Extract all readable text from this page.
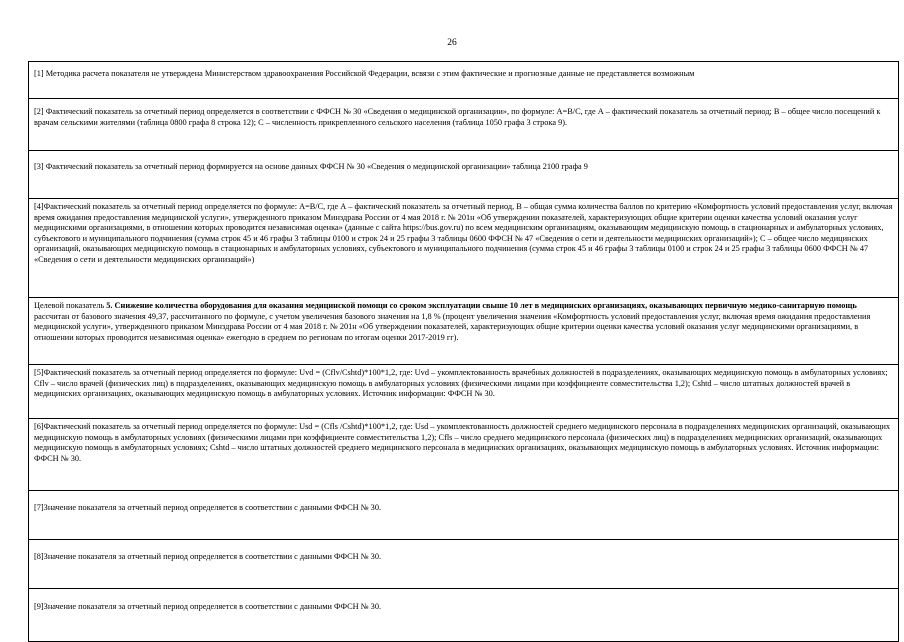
26
[1] Методика расчета показателя не утверждена Министерством здравоохранения Российской Федерации, всвязи с этим фактические и прогнозные данные не представляется возможным
[2] Фактический показатель за отчетный период определяется в соответствии с ФФСН № 30 «Сведения о медицинской организации», по формуле: А=В/С, где А – фактический показатель за отчетный период; В – общее число посещений к врачам сельскими жителями (таблица 0800 графа 8 строка 12); С – численность прикрепленного сельского населения (таблица 1050 графа 3 строка 9).
[3] Фактический показатель за отчетный период формируется на основе данных ФФСН № 30 «Сведения о медицинской организации» таблица 2100 графа 9
[4]Фактический показатель за отчетный период определяется по формуле: А=В/С, где А – фактический показатель за отчетный период, В – общая сумма количества баллов по критерию «Комфортность условий предоставления услуг, включая время ожидания предоставления медицинской услуги», утвержденного приказом Минздрава России от 4 мая 2018 г. № 201н «Об утверждении показателей, характеризующих общие критерии оценки качества условий оказания услуг медицинскими организациями, в отношении которых проводится независимая оценка» (данные с сайта https://bus.gov.ru) по всем медицинским организациям, оказывающим медицинскую помощь в стационарных и амбулаторных условиях, субъектового и муниципального подчинения (сумма строк 45 и 46 графы 3 таблицы 0100 и строк 24 и 25 графы 3 таблицы 0600 ФФСН № 47 «Сведения о сети и деятельности медицинских организаций»); С – общее число медицинских организаций, оказывающих медицинскую помощь в стационарных и амбулаторных условиях, субъектового и муниципального подчинения (сумма строк 45 и 46 графы 3 таблицы 0100 и строк 24 и 25 графы 3 таблицы 0600 ФФСН № 47 «Сведения о сети и деятельности медицинских организаций»)
Целевой показатель 5. Снижение количества оборудования для оказания медицинской помощи со сроком эксплуатации свыше 10 лет в медицинских организациях, оказывающих первичную медико-санитарную помощь рассчитан от базового значения 49,37, рассчитанного по формуле, с учетом увеличения базового значения на 1,8 % (процент увеличения значения «Комфортность условий предоставления услуг, включая время ожидания предоставления медицинской услуги», утвержденного приказом Минздрава России от 4 мая 2018 г. № 201н «Об утверждении показателей, характеризующих общие критерии оценки качества условий оказания услуг медицинскими организациями, в отношении которых проводится независимая оценка» ежегодно в среднем по регионам по итогам оценки 2017-2019 гг).
[5]Фактический показатель за отчетный период определяется по формуле: Uvd = (Cflv/Cshtd)*100*1,2, где: Uvd – укомплектованность врачебных должностей в подразделениях, оказывающих медицинскую помощь в амбулаторных условиях; Cflv – число врачей (физических лиц) в подразделениях, оказывающих медицинскую помощь в амбулаторных условиях (физическими лицами при коэффициенте совместительства 1,2); Cshtd – число штатных должностей врачей в медицинских организациях, оказывающих медицинскую помощь в амбулаторных условиях. Источник информации: ФФСН № 30.
[6]Фактический показатель за отчетный период определяется по формуле: Usd = (Cfls /Cshtd)*100*1,2, где: Usd – укомплектованность должностей среднего медицинского персонала в подразделениях медицинских организаций, оказывающих медицинскую помощь в амбулаторных условиях (физическими лицами при коэффициенте совместительства 1,2); Cfls – число среднего медицинского персонала (физических лиц) в подразделениях медицинских организаций, оказывающих медицинскую помощь в амбулаторных условиях; Cshtd – число штатных должностей среднего медицинского персонала в медицинских организациях, оказывающих медицинскую помощь в амбулаторных условиях. Источник информации: ФФСН № 30.
[7]Значение показателя за отчетный период определяется в соответствии с данными ФФСН № 30.
[8]Значение показателя за отчетный период определяется в соответствии с данными ФФСН № 30.
[9]Значение показателя за отчетный период определяется в соответствии с данными ФФСН № 30.
